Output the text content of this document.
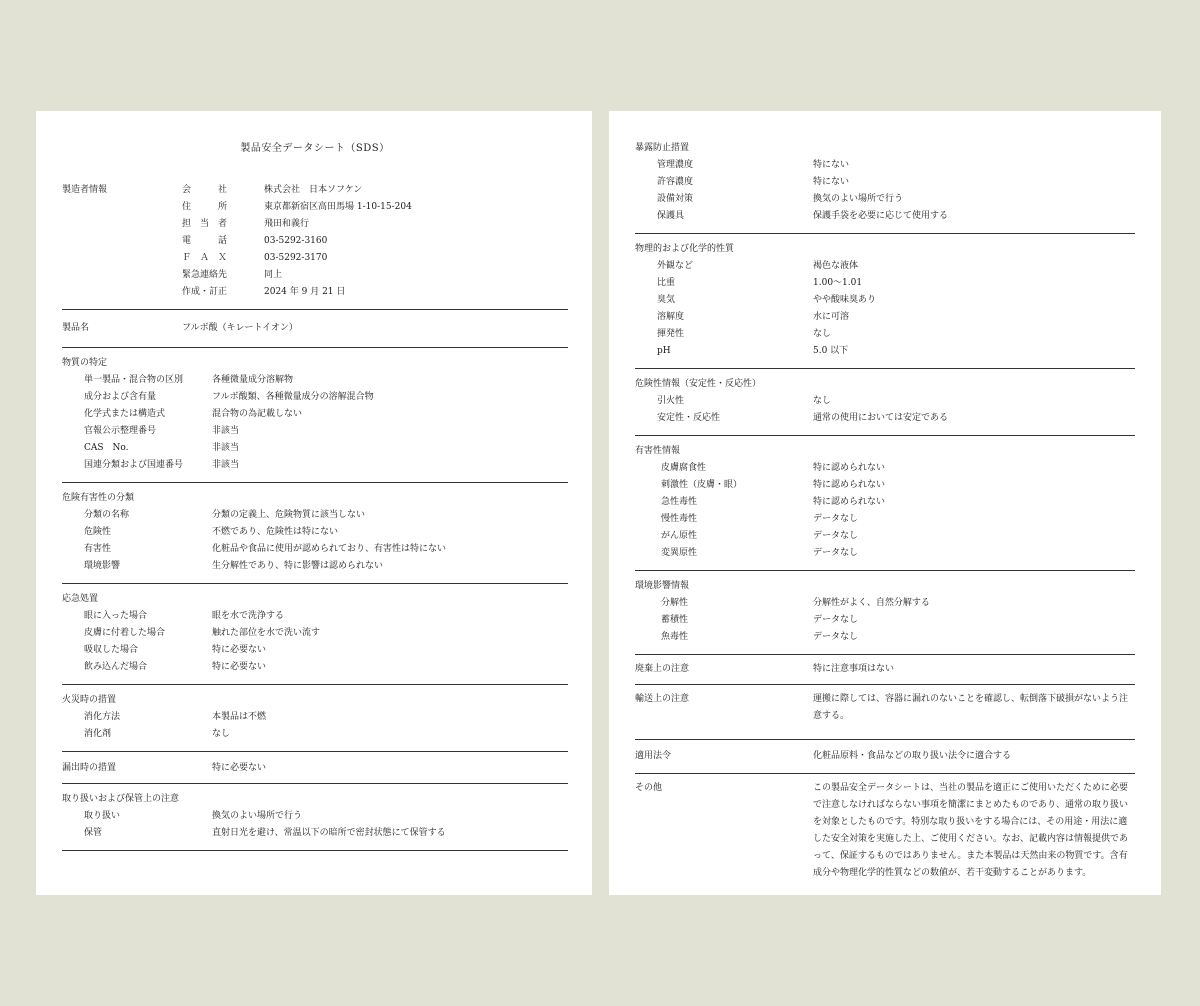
製品安全データシート（SDS）
製造者情報	会　　　社	株式会社　日本ソフケン
住　　　所	東京都新宿区高田馬場 1-10-15-204
担　当　者	飛田和義行
電　　　話	03-5292-3160
Ｆ　Ａ　Ｘ	03-5292-3170
緊急連絡先	同上
作成・訂正	2024 年 9 月 21 日
製品名	フルボ酸（キレートイオン）
物質の特定
単一製品・混合物の区別	各種微量成分溶解物
成分および含有量	フルボ酸類、各種微量成分の溶解混合物
化学式または構造式	混合物の為記載しない
官報公示整理番号	非該当
CAS　No.	非該当
国連分類および国連番号	非該当
危険有害性の分類
分類の名称	分類の定義上、危険物質に該当しない
危険性	不燃であり、危険性は特にない
有害性	化粧品や食品に使用が認められており、有害性は特にない
環境影響	生分解性であり、特に影響は認められない
応急処置
眼に入った場合	眼を水で洗浄する
皮膚に付着した場合	触れた部位を水で洗い流す
吸収した場合	特に必要ない
飲み込んだ場合	特に必要ない
火災時の措置
消化方法	本製品は不燃
消化剤	なし
漏出時の措置	特に必要ない
取り扱いおよび保管上の注意
取り扱い	換気のよい場所で行う
保管	直射日光を避け、常温以下の暗所で密封状態にて保管する
暴露防止措置
管理濃度	特にない
許容濃度	特にない
設備対策	換気のよい場所で行う
保護具	保護手袋を必要に応じて使用する
物理的および化学的性質
外観など	褐色な液体
比重	1.00～1.01
臭気	やや酸味臭あり
溶解度	水に可溶
揮発性	なし
pH	5.0 以下
危険性情報（安定性・反応性）
引火性	なし
安定性・反応性	通常の使用においては安定である
有害性情報
皮膚腐食性	特に認められない
刺激性（皮膚・眼）	特に認められない
急性毒性	特に認められない
慢性毒性	データなし
がん原性	データなし
変異原性	データなし
環境影響情報
分解性	分解性がよく、自然分解する
蓄積性	データなし
魚毒性	データなし
廃棄上の注意	特に注意事項はない
輸送上の注意	運搬に際しては、容器に漏れのないことを確認し、転倒落下破損がないよう注意する。
適用法令	化粧品原料・食品などの取り扱い法令に適合する
その他	この製品安全データシートは、当社の製品を適正にご使用いただくために必要で注意しなければならない事項を簡潔にまとめたものであり、通常の取り扱いを対象としたものです。特別な取り扱いをする場合には、その用途・用法に適した安全対策を実施した上、ご使用ください。なお、記載内容は情報提供であって、保証するものではありません。また本製品は天然由来の物質です。含有成分や物理化学的性質などの数値が、若干変動することがあります。
